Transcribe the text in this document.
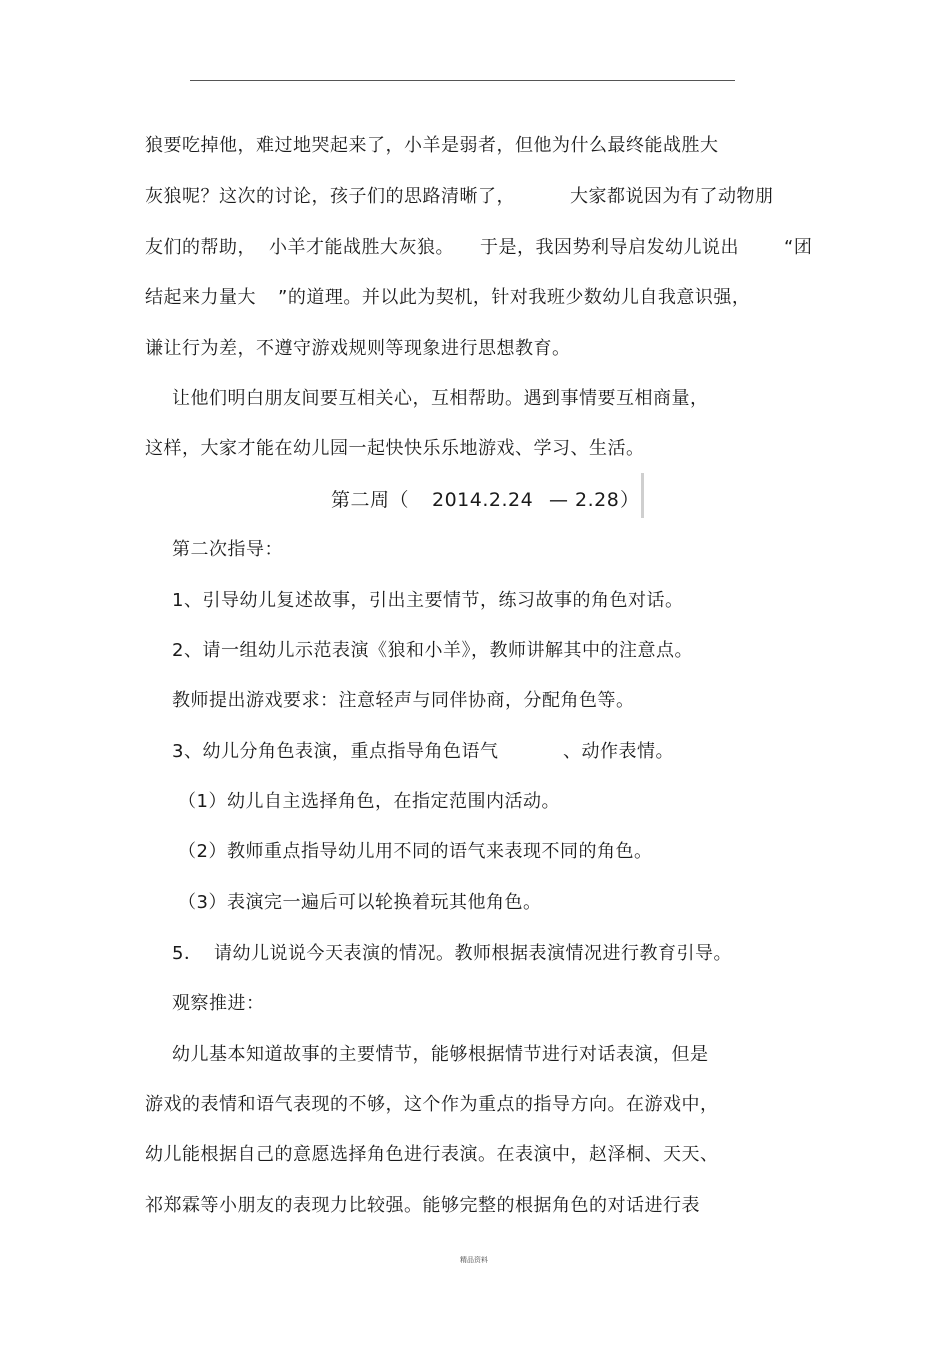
狼要吃掉他，难过地哭起来了，小羊是弱者，但他为什么最终能战胜大

灰狼呢？这次的讨论，孩子们的思路清晰了，	大家都说因为有了动物朋

友们的帮助， 小羊才能战胜大灰狼。 于是，我因势利导启发幼儿说出	“团

结起来力量大 ”的道理。并以此为契机，针对我班少数幼儿自我意识强，

谦让行为差，不遵守游戏规则等现象进行思想教育。

让他们明白朋友间要互相关心，互相帮助。遇到事情要互相商量，

这样，大家才能在幼儿园一起快快乐乐地游戏、学习、生活。

第二周（ 2014.2.24 — 2.28 ）

第二次指导：

1、引导幼儿复述故事，引出主要情节，练习故事的角色对话。

2、请一组幼儿示范表演《狼和小羊》，教师讲解其中的注意点。

教师提出游戏要求：注意轻声与同伴协商，分配角色等。

3、幼儿分角色表演，重点指导角色语气	、动作表情。

（1）幼儿自主选择角色，在指定范围内活动。

（2）教师重点指导幼儿用不同的语气来表现不同的角色。

（3）表演完一遍后可以轮换着玩其他角色。

5． 请幼儿说说今天表演的情况。教师根据表演情况进行教育引导。

观察推进：

幼儿基本知道故事的主要情节，能够根据情节进行对话表演，但是

游戏的表情和语气表现的不够，这个作为重点的指导方向。在游戏中，

幼儿能根据自己的意愿选择角色进行表演。在表演中，赵泽桐、天天、

祁郑霖等小朋友的表现力比较强。能够完整的根据角色的对话进行表

精品资料
